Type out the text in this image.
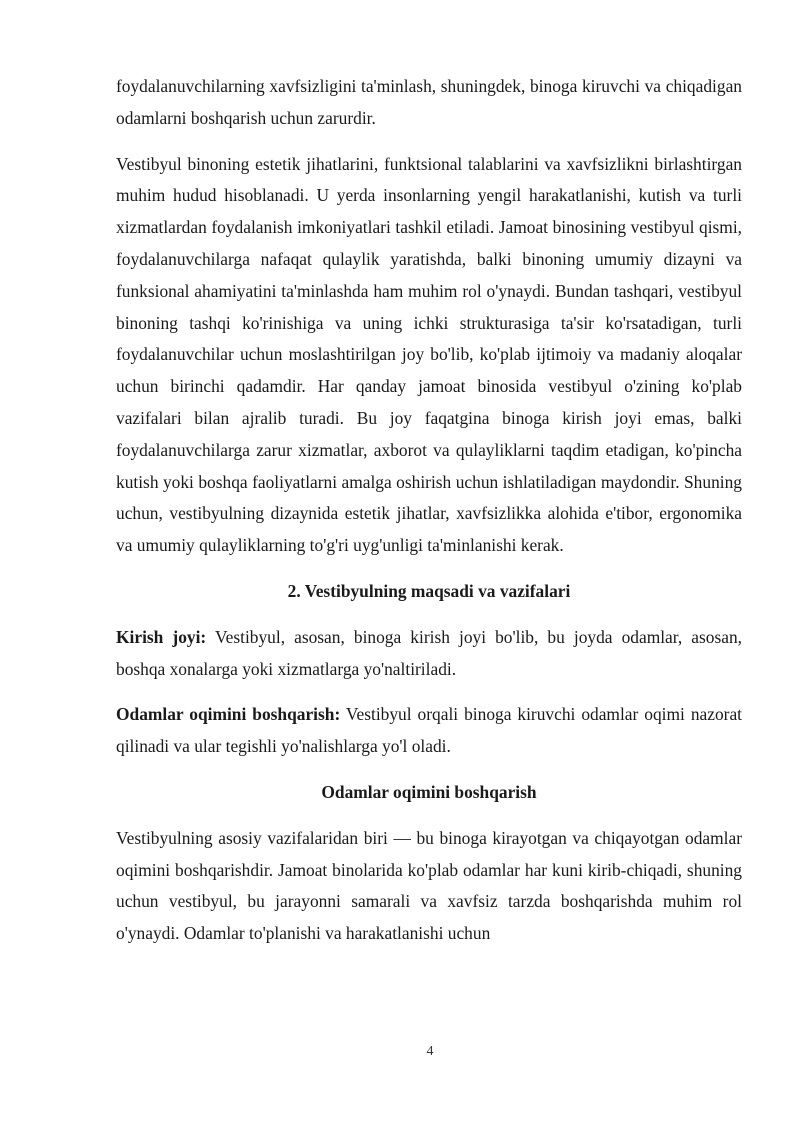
foydalanuvchilarning xavfsizligini ta'minlash, shuningdek, binoga kiruvchi va chiqadigan odamlarni boshqarish uchun zarurdir.

Vestibyul binoning estetik jihatlarini, funktsional talablarini va xavfsizlikni birlashtirgan muhim hudud hisoblanadi. U yerda insonlarning yengil harakatlanishi, kutish va turli xizmatlardan foydalanish imkoniyatlari tashkil etiladi. Jamoat binosining vestibyul qismi, foydalanuvchilarga nafaqat qulaylik yaratishda, balki binoning umumiy dizayni va funksional ahamiyatini ta'minlashda ham muhim rol o'ynaydi. Bundan tashqari, vestibyul binoning tashqi ko'rinishiga va uning ichki strukturasiga ta'sir ko'rsatadigan, turli foydalanuvchilar uchun moslashtirilgan joy bo'lib, ko'plab ijtimoiy va madaniy aloqalar uchun birinchi qadamdir. Har qanday jamoat binosida vestibyul o'zining ko'plab vazifalari bilan ajralib turadi. Bu joy faqatgina binoga kirish joyi emas, balki foydalanuvchilarga zarur xizmatlar, axborot va qulayliklarni taqdim etadigan, ko'pincha kutish yoki boshqa faoliyatlarni amalga oshirish uchun ishlatiladigan maydondir. Shuning uchun, vestibyulning dizaynida estetik jihatlar, xavfsizlikka alohida e'tibor, ergonomika va umumiy qulayliklarning to'g'ri uyg'unligi ta'minlanishi kerak.

2. Vestibyulning maqsadi va vazifalari

Kirish joyi: Vestibyul, asosan, binoga kirish joyi bo'lib, bu joyda odamlar, asosan, boshqa xonalarga yoki xizmatlarga yo'naltiriladi.

Odamlar oqimini boshqarish: Vestibyul orqali binoga kiruvchi odamlar oqimi nazorat qilinadi va ular tegishli yo'nalishlarga yo'l oladi.

Odamlar oqimini boshqarish

Vestibyulning asosiy vazifalaridan biri — bu binoga kirayotgan va chiqayotgan odamlar oqimini boshqarishdir. Jamoat binolarida ko'plab odamlar har kuni kirib-chiqadi, shuning uchun vestibyul, bu jarayonni samarali va xavfsiz tarzda boshqarishda muhim rol o'ynaydi. Odamlar to'planishi va harakatlanishi uchun

4
